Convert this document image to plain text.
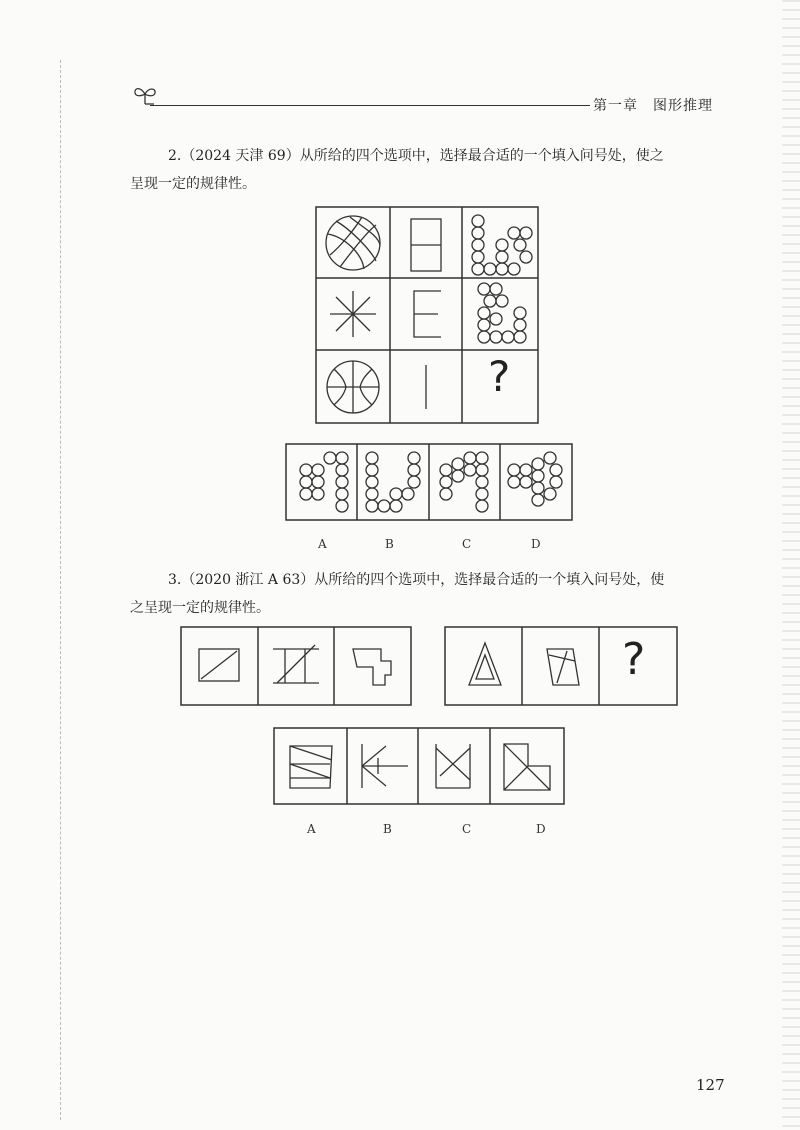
第一章　图形推理
2.（2024 天津 69）从所给的四个选项中，选择最合适的一个填入问号处，使之
呈现一定的规律性。
?
A	B	C	D
3.（2020 浙江 A 63）从所给的四个选项中，选择最合适的一个填入问号处，使
之呈现一定的规律性。
?
A	B	C	D
127
